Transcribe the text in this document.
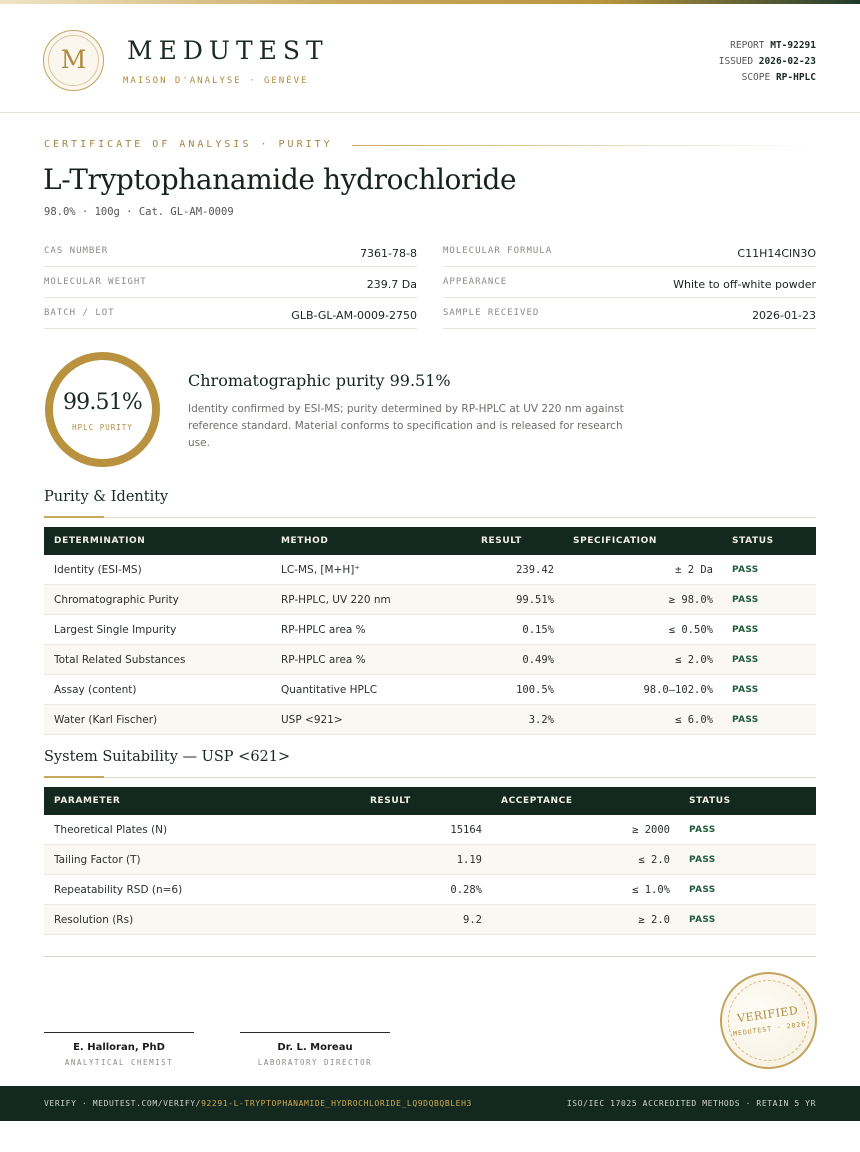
M	MEDUTEST
MAISON D'ANALYSE · GENÈVE
REPORT MT-92291
ISSUED 2026-02-23
SCOPE RP-HPLC
CERTIFICATE OF ANALYSIS · PURITY
L-Tryptophanamide hydrochloride
98.0% · 100g · Cat. GL-AM-0009
CAS NUMBER	7361-78-8
MOLECULAR WEIGHT	239.7 Da
BATCH / LOT	GLB-GL-AM-0009-2750
MOLECULAR FORMULA	C11H14ClN3O
APPEARANCE	White to off-white powder
SAMPLE RECEIVED	2026-01-23
99.51%
HPLC PURITY
Chromatographic purity 99.51%
Identity confirmed by ESI-MS; purity determined by RP-HPLC at UV 220 nm against reference standard. Material conforms to specification and is released for research use.
Purity & Identity
DETERMINATION	METHOD	RESULT	SPECIFICATION	STATUS
Identity (ESI-MS)	LC-MS, [M+H]⁺	239.42	± 2 Da PASS
Chromatographic Purity	RP-HPLC, UV 220 nm	99.51%	≥ 98.0% PASS
Largest Single Impurity	RP-HPLC area %	0.15%	≤ 0.50% PASS
Total Related Substances	RP-HPLC area %	0.49%	≤ 2.0% PASS
Assay (content)	Quantitative HPLC	100.5%	98.0–102.0% PASS
Water (Karl Fischer)	USP <921>	3.2%	≤ 6.0% PASS
System Suitability — USP <621>
PARAMETER	RESULT	ACCEPTANCE	STATUS
Theoretical Plates (N)	15164	≥ 2000 PASS
Tailing Factor (T)	1.19	≤ 2.0 PASS
Repeatability RSD (n=6)	0.28%	≤ 1.0% PASS
Resolution (Rs)	9.2	≥ 2.0 PASS
E. Halloran, PhD
ANALYTICAL CHEMIST
Dr. L. Moreau
LABORATORY DIRECTOR
VERIFIED
MEDUTEST · 2026
VERIFY · MEDUTEST.COM/VERIFY/92291-L-TRYPTOPHANAMIDE_HYDROCHLORIDE_LQ9DQBQBLEH3	ISO/IEC 17025 ACCREDITED METHODS · RETAIN 5 YR
